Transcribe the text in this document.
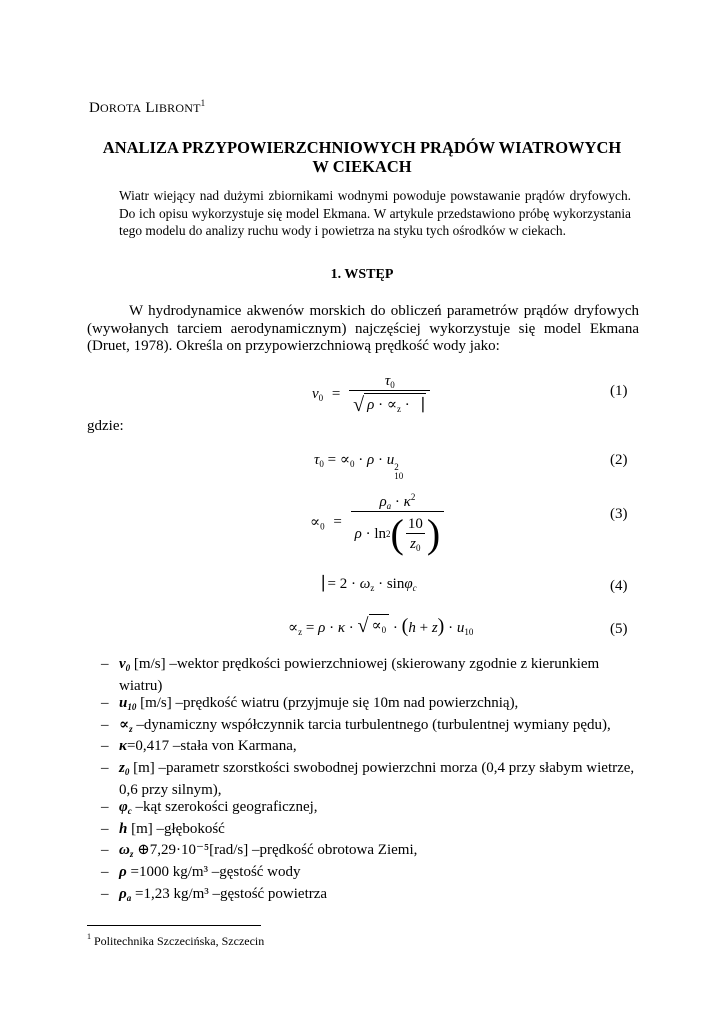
DOROTA LIBRONT$^1$
ANALIZA PRZYPOWIERZCHNIOWYCH PRĄDÓW WIATROWYCH
W CIEKACH
Wiatr wiejący nad dużymi zbiornikami wodnymi powoduje powstawanie prądów dryfowych. Do ich opisu wykorzystuje się model Ekmana. W artykule przedstawiono próbę wykorzystania tego modelu do analizy ruchu wody i powietrza na styku tych ośrodków w ciekach.
1. WSTĘP
W hydrodynamice akwenów morskich do obliczeń parametrów prądów dryfowych (wywołanych tarciem aerodynamicznym) najczęściej wykorzystuje się model Ekmana (Druet, 1978). Określa on przypowierzchniową prędkość wody jako:
$v_0 = \frac{\tau_0}{√ \rho \cdot \propto_z \cdot ▕}$	(1)
gdzie:
$\tau_0 = \propto_0 \cdot \rho \cdot u$ 2
10
(2)
$\propto_0 = \frac{\rho_a \cdot \kappa^2}{\rho \cdot \ln 2 ( \frac{10}{z_0} )}$	(3)
▕ = $2 \cdot \omega_z \cdot \sin\varphi_c$	(4)
$\propto_z = \rho \cdot \kappa$ · √ $\propto_0 \cdot (h + z) \cdot u_{10}$	(5)
– $v_0$ [m/s] –wektor prędkości powierzchniowej (skierowany zgodnie z kierunkiem wiatru)
– $u_{10}$ [m/s] –prędkość wiatru (przyjmuje się 10m nad powierzchnią),
– $\propto_z$ –dynamiczny współczynnik tarcia turbulentnego (turbulentnej wymiany pędu),
– κ=0,417 –stała von Karmana,
– $z_0$ [m] –parametr szorstkości swobodnej powierzchni morza (0,4 przy słabym wietrze, 0,6 przy silnym),
– $\varphi_c$ –kąt szerokości geograficznej,
– h [m] –głębokość
– $\omega_z$ ⊕7,29·10⁻⁵[rad/s] –prędkość obrotowa Ziemi,
– ρ =1000 kg/m³ –gęstość wody
– $\rho_a =1,23$ kg/m³ –gęstość powietrza
$^1$ Politechnika Szczecińska, Szczecin
